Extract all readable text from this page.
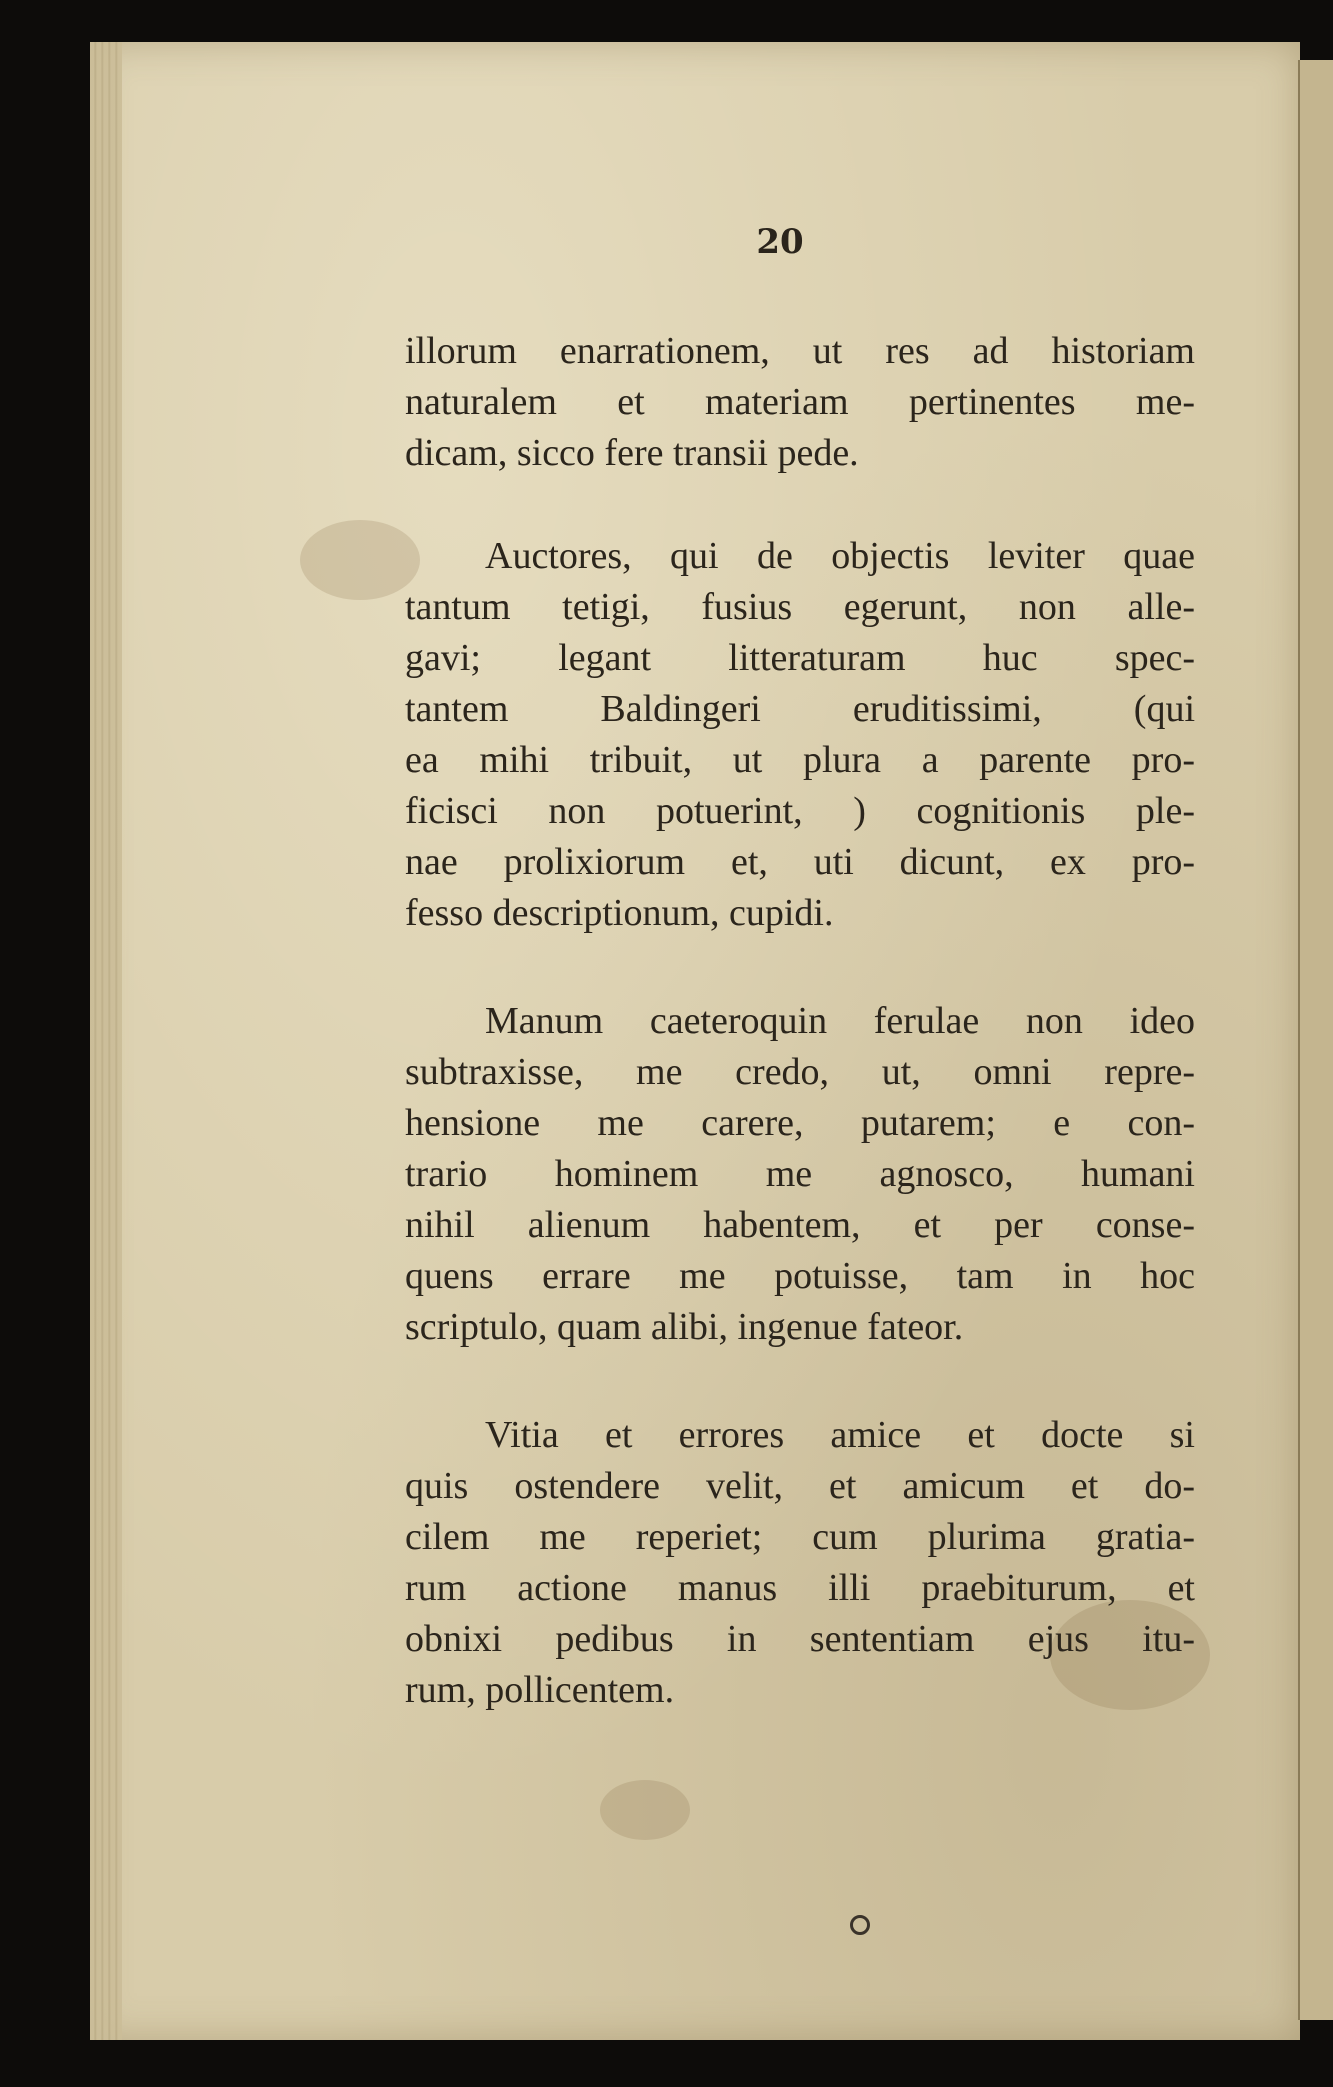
20
illorum enarrationem, ut res ad historiam
naturalem et materiam pertinentes me-
dicam, sicco fere transii pede.
Auctores, qui de objectis leviter quae
tantum tetigi, fusius egerunt, non alle-
gavi; legant litteraturam huc spec-
tantem Baldingeri eruditissimi, (qui
ea mihi tribuit, ut plura a parente pro-
ficisci non potuerint, ) cognitionis ple-
nae prolixiorum et, uti dicunt, ex pro-
fesso descriptionum, cupidi.
Manum caeteroquin ferulae non ideo
subtraxisse, me credo, ut, omni repre-
hensione me carere, putarem; e con-
trario hominem me agnosco, humani
nihil alienum habentem, et per conse-
quens errare me potuisse, tam in hoc
scriptulo, quam alibi, ingenue fateor.
Vitia et errores amice et docte si
quis ostendere velit, et amicum et do-
cilem me reperiet; cum plurima gratia-
rum actione manus illi praebiturum, et
obnixi pedibus in sententiam ejus itu-
rum, pollicentem.
